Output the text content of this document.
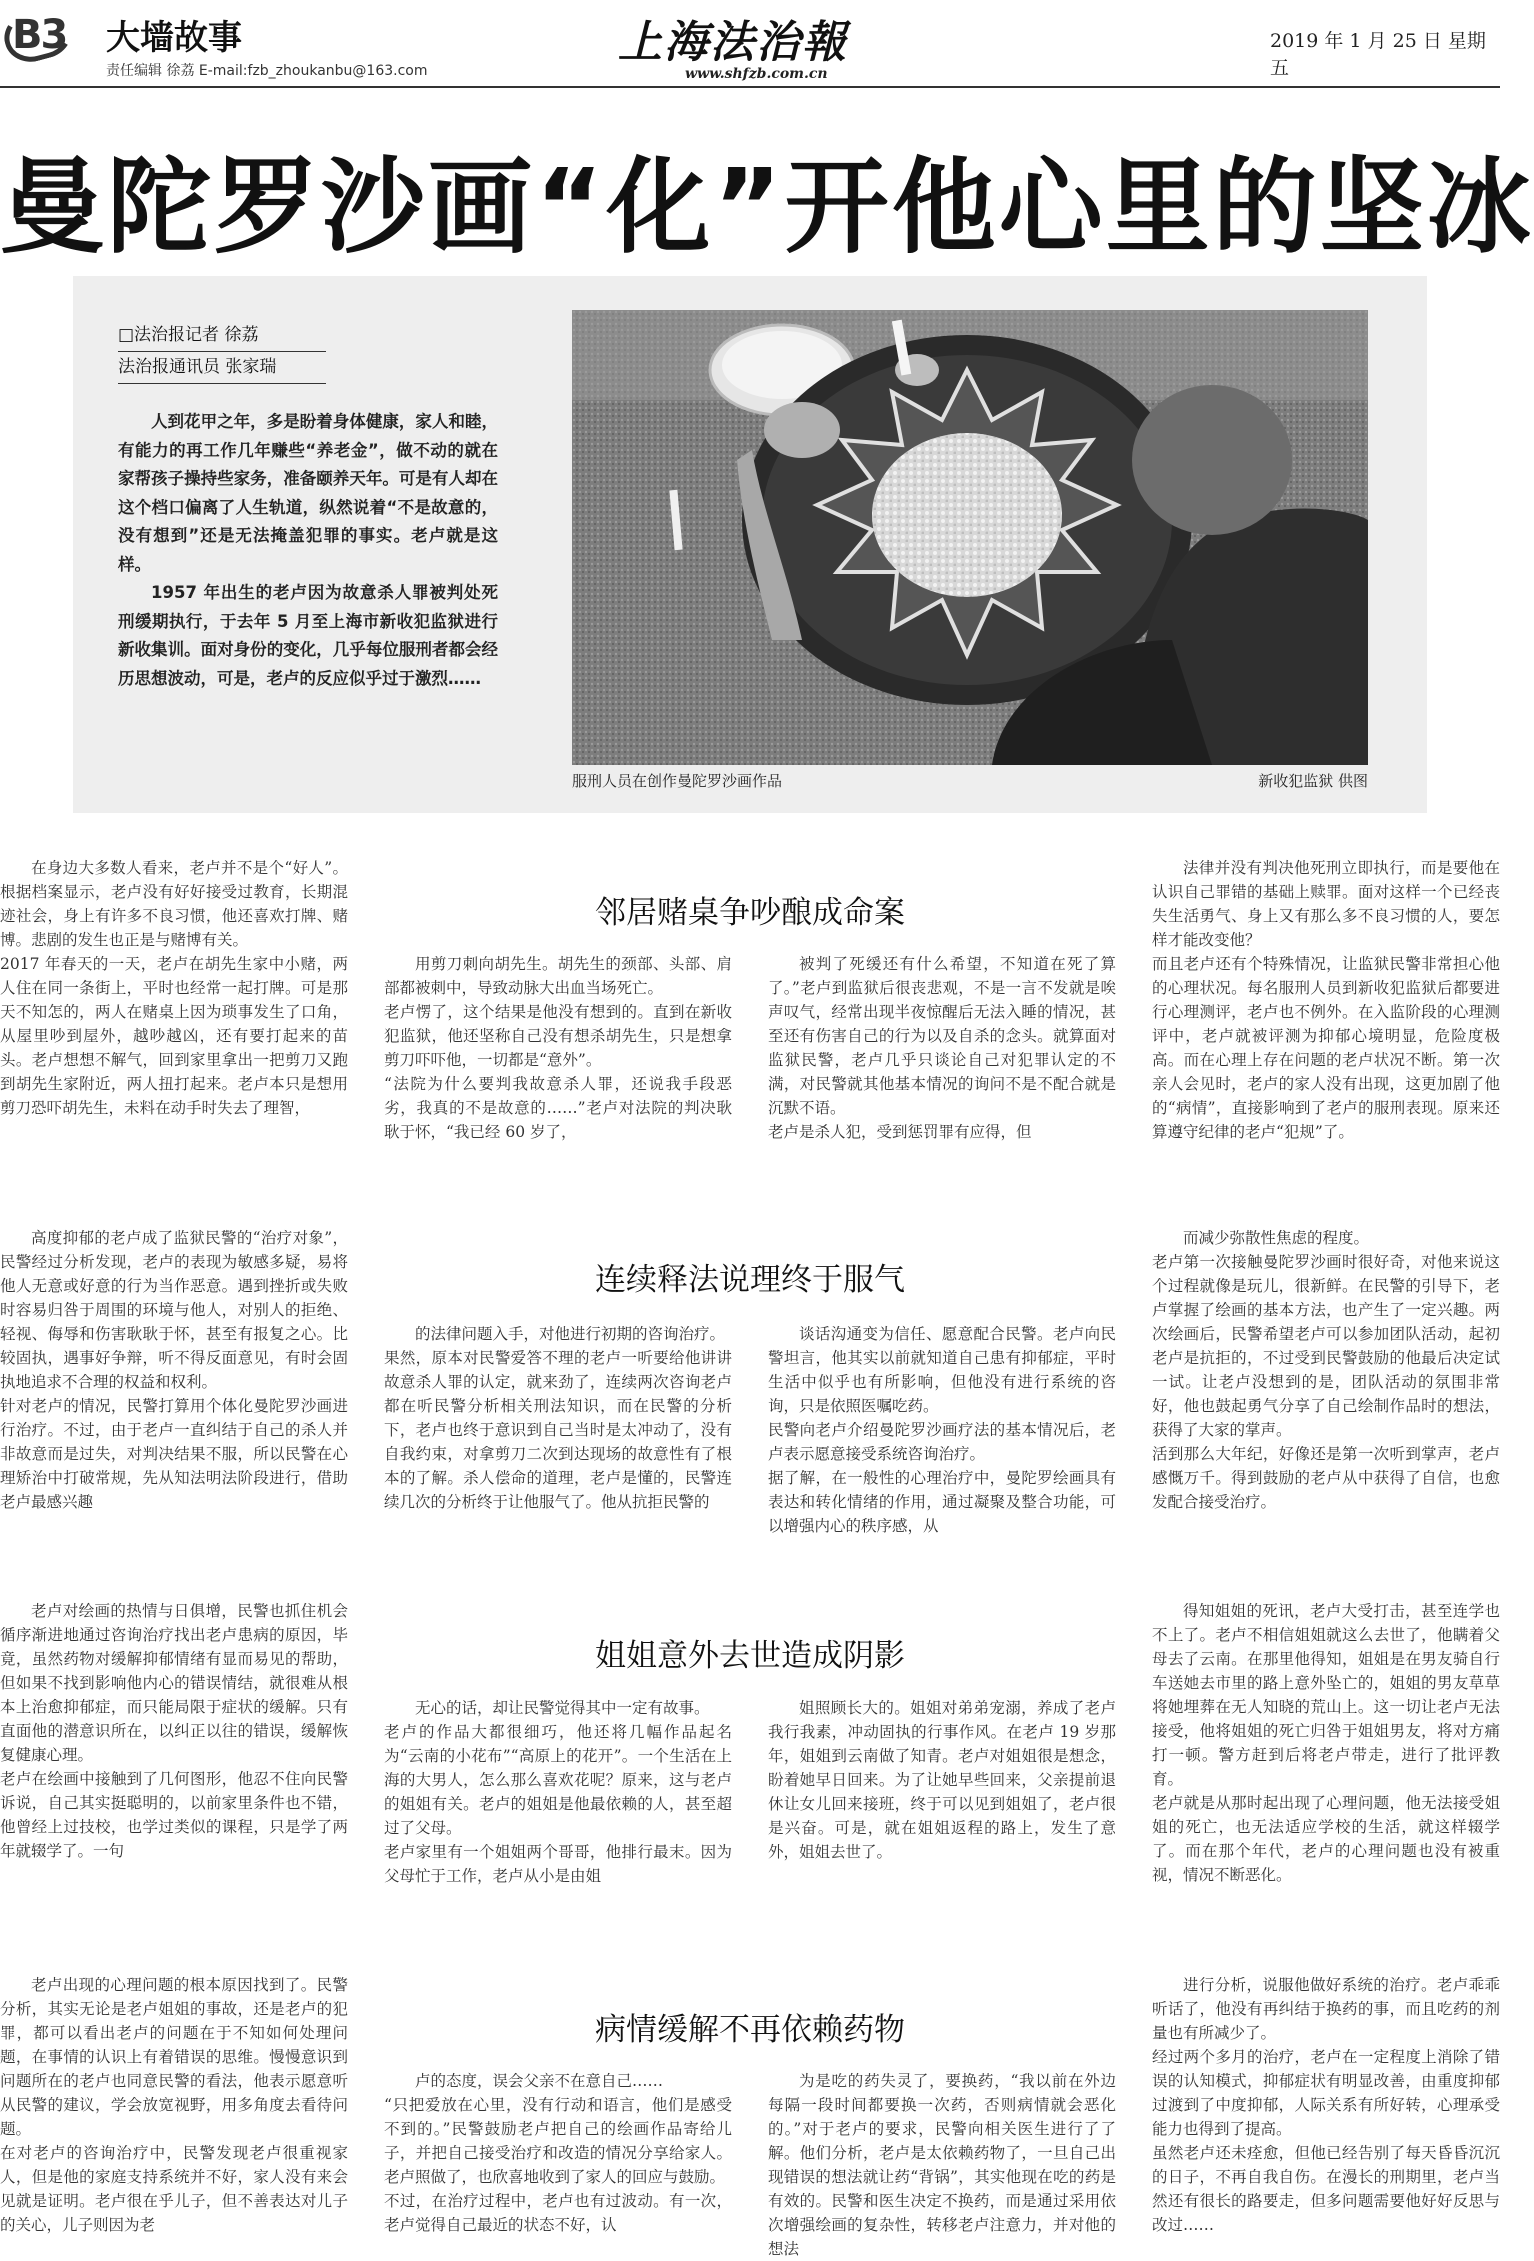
B3 大墙故事
责任编辑 徐荔 E-mail:fzb_zhoukanbu@163.com
上海法治報
www.shfzb.com.cn
2019 年 1 月 25 日 星期五
曼陀罗沙画“化”开他心里的坚冰
□法治报记者 徐荔
法治报通讯员 张家瑞

人到花甲之年，多是盼着身体健康，家人和睦，有能力的再工作几年赚些“养老金”，做不动的就在家帮孩子操持些家务，准备颐养天年。可是有人却在这个档口偏离了人生轨道，纵然说着“不是故意的，没有想到”还是无法掩盖犯罪的事实。老卢就是这样。

1957 年出生的老卢因为故意杀人罪被判处死刑缓期执行，于去年 5 月至上海市新收犯监狱进行新收集训。面对身份的变化，几乎每位服刑者都会经历思想波动，可是，老卢的反应似乎过于激烈……

服刑人员在创作曼陀罗沙画作品	新收犯监狱 供图
邻居赌桌争吵酿成命案
在身边大多数人看来，老卢并不是个“好人”。根据档案显示，老卢没有好好接受过教育，长期混迹社会，身上有许多不良习惯，他还喜欢打牌、赌博。悲剧的发生也正是与赌博有关。
2017 年春天的一天，老卢在胡先生家中小赌，两人住在同一条街上，平时也经常一起打牌。可是那天不知怎的，两人在赌桌上因为琐事发生了口角，从屋里吵到屋外，越吵越凶，还有要打起来的苗头。老卢想想不解气，回到家里拿出一把剪刀又跑到胡先生家附近，两人扭打起来。老卢本只是想用剪刀恐吓胡先生，未料在动手时失去了理智，
用剪刀刺向胡先生。胡先生的颈部、头部、肩部都被刺中，导致动脉大出血当场死亡。
老卢愣了，这个结果是他没有想到的。直到在新收犯监狱，他还坚称自己没有想杀胡先生，只是想拿剪刀吓吓他，一切都是“意外”。
“法院为什么要判我故意杀人罪，还说我手段恶劣，我真的不是故意的……”老卢对法院的判决耿耿于怀，“我已经 60 岁了，
被判了死缓还有什么希望，不知道在死了算了。”老卢到监狱后很丧悲观，不是一言不发就是唉声叹气，经常出现半夜惊醒后无法入睡的情况，甚至还有伤害自己的行为以及自杀的念头。就算面对监狱民警，老卢几乎只谈论自己对犯罪认定的不满，对民警就其他基本情况的询问不是不配合就是沉默不语。
老卢是杀人犯，受到惩罚罪有应得，但
法律并没有判决他死刑立即执行，而是要他在认识自己罪错的基础上赎罪。面对这样一个已经丧失生活勇气、身上又有那么多不良习惯的人，要怎样才能改变他？
而且老卢还有个特殊情况，让监狱民警非常担心他的心理状况。每名服刑人员到新收犯监狱后都要进行心理测评，老卢也不例外。在入监阶段的心理测评中，老卢就被评测为抑郁心境明显，危险度极高。而在心理上存在问题的老卢状况不断。第一次亲人会见时，老卢的家人没有出现，这更加剧了他的“病情”，直接影响到了老卢的服刑表现。原来还算遵守纪律的老卢“犯规”了。
连续释法说理终于服气
高度抑郁的老卢成了监狱民警的“治疗对象”，民警经过分析发现，老卢的表现为敏感多疑，易将他人无意或好意的行为当作恶意。遇到挫折或失败时容易归咎于周围的环境与他人，对别人的拒绝、轻视、侮辱和伤害耿耿于怀，甚至有报复之心。比较固执，遇事好争辩，听不得反面意见，有时会固执地追求不合理的权益和权利。
针对老卢的情况，民警打算用个体化曼陀罗沙画进行治疗。不过，由于老卢一直纠结于自己的杀人并非故意而是过失，对判决结果不服，所以民警在心理矫治中打破常规，先从知法明法阶段进行，借助老卢最感兴趣
的法律问题入手，对他进行初期的咨询治疗。
果然，原本对民警爱答不理的老卢一听要给他讲讲故意杀人罪的认定，就来劲了，连续两次咨询老卢都在听民警分析相关刑法知识，而在民警的分析下，老卢也终于意识到自己当时是太冲动了，没有自我约束，对拿剪刀二次到达现场的故意性有了根本的了解。杀人偿命的道理，老卢是懂的，民警连续几次的分析终于让他服气了。他从抗拒民警的
谈话沟通变为信任、愿意配合民警。老卢向民警坦言，他其实以前就知道自己患有抑郁症，平时生活中似乎也有所影响，但他没有进行系统的咨询，只是依照医嘱吃药。
民警向老卢介绍曼陀罗沙画疗法的基本情况后，老卢表示愿意接受系统咨询治疗。
据了解，在一般性的心理治疗中，曼陀罗绘画具有表达和转化情绪的作用，通过凝聚及整合功能，可以增强内心的秩序感，从
而减少弥散性焦虑的程度。
老卢第一次接触曼陀罗沙画时很好奇，对他来说这个过程就像是玩儿，很新鲜。在民警的引导下，老卢掌握了绘画的基本方法，也产生了一定兴趣。两次绘画后，民警希望老卢可以参加团队活动，起初老卢是抗拒的，不过受到民警鼓励的他最后决定试一试。让老卢没想到的是，团队活动的氛围非常好，他也鼓起勇气分享了自己绘制作品时的想法，获得了大家的掌声。
活到那么大年纪，好像还是第一次听到掌声，老卢感慨万千。得到鼓励的老卢从中获得了自信，也愈发配合接受治疗。
姐姐意外去世造成阴影
老卢对绘画的热情与日俱增，民警也抓住机会循序渐进地通过咨询治疗找出老卢患病的原因，毕竟，虽然药物对缓解抑郁情绪有显而易见的帮助，但如果不找到影响他内心的错误情结，就很难从根本上治愈抑郁症，而只能局限于症状的缓解。只有直面他的潜意识所在，以纠正以往的错误，缓解恢复健康心理。
老卢在绘画中接触到了几何图形，他忍不住向民警诉说，自己其实挺聪明的，以前家里条件也不错，他曾经上过技校，也学过类似的课程，只是学了两年就辍学了。一句
无心的话，却让民警觉得其中一定有故事。
老卢的作品大都很细巧，他还将几幅作品起名为“云南的小花布”“高原上的花开”。一个生活在上海的大男人，怎么那么喜欢花呢？原来，这与老卢的姐姐有关。老卢的姐姐是他最依赖的人，甚至超过了父母。
老卢家里有一个姐姐两个哥哥，他排行最末。因为父母忙于工作，老卢从小是由姐
姐照顾长大的。姐姐对弟弟宠溺，养成了老卢我行我素，冲动固执的行事作风。在老卢 19 岁那年，姐姐到云南做了知青。老卢对姐姐很是想念，盼着她早日回来。为了让她早些回来，父亲提前退休让女儿回来接班，终于可以见到姐姐了，老卢很是兴奋。可是，就在姐姐返程的路上，发生了意外，姐姐去世了。
得知姐姐的死讯，老卢大受打击，甚至连学也不上了。老卢不相信姐姐就这么去世了，他瞒着父母去了云南。在那里他得知，姐姐是在男友骑自行车送她去市里的路上意外坠亡的，姐姐的男友草草将她埋葬在无人知晓的荒山上。这一切让老卢无法接受，他将姐姐的死亡归咎于姐姐男友，将对方痛打一顿。警方赶到后将老卢带走，进行了批评教育。
老卢就是从那时起出现了心理问题，他无法接受姐姐的死亡，也无法适应学校的生活，就这样辍学了。而在那个年代，老卢的心理问题也没有被重视，情况不断恶化。
病情缓解不再依赖药物
老卢出现的心理问题的根本原因找到了。民警分析，其实无论是老卢姐姐的事故，还是老卢的犯罪，都可以看出老卢的问题在于不知如何处理问题，在事情的认识上有着错误的思维。慢慢意识到问题所在的老卢也同意民警的看法，他表示愿意听从民警的建议，学会放宽视野，用多角度去看待问题。
在对老卢的咨询治疗中，民警发现老卢很重视家人，但是他的家庭支持系统并不好，家人没有来会见就是证明。老卢很在乎儿子，但不善表达对儿子的关心，儿子则因为老
卢的态度，误会父亲不在意自己……
“只把爱放在心里，没有行动和语言，他们是感受不到的。”民警鼓励老卢把自己的绘画作品寄给儿子，并把自己接受治疗和改造的情况分享给家人。老卢照做了，也欣喜地收到了家人的回应与鼓励。
不过，在治疗过程中，老卢也有过波动。有一次，老卢觉得自己最近的状态不好，认
为是吃的药失灵了，要换药，“我以前在外边每隔一段时间都要换一次药，否则病情就会恶化的。”对于老卢的要求，民警向相关医生进行了了解。他们分析，老卢是太依赖药物了，一旦自己出现错误的想法就让药“背锅”，其实他现在吃的药是有效的。民警和医生决定不换药，而是通过采用依次增强绘画的复杂性，转移老卢注意力，并对他的想法
进行分析，说服他做好系统的治疗。老卢乖乖听话了，他没有再纠结于换药的事，而且吃药的剂量也有所减少了。
经过两个多月的治疗，老卢在一定程度上消除了错误的认知模式，抑郁症状有明显改善，由重度抑郁过渡到了中度抑郁，人际关系有所好转，心理承受能力也得到了提高。
虽然老卢还未痊愈，但他已经告别了每天昏昏沉沉的日子，不再自我自伤。在漫长的刑期里，老卢当然还有很长的路要走，但多问题需要他好好反思与改过……
